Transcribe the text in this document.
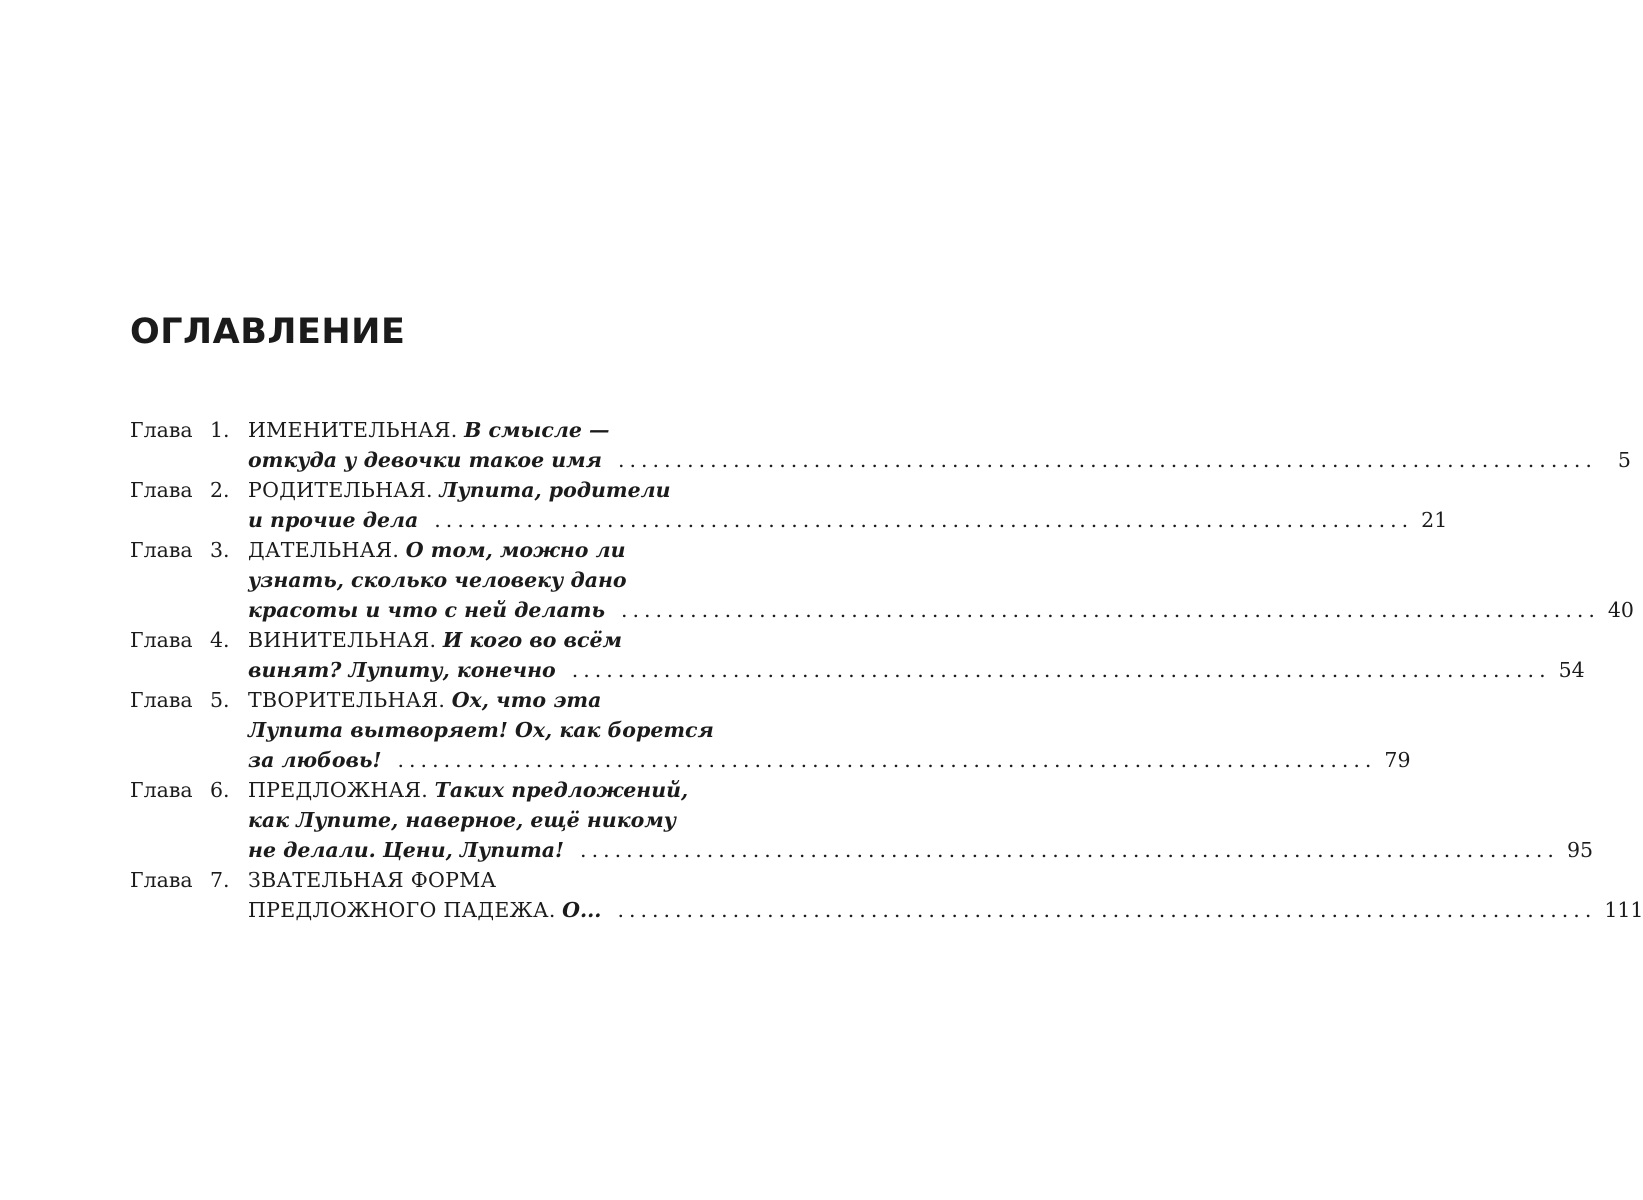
ОГЛАВЛЕНИЕ
Глава 1. ИМЕНИТЕЛЬНАЯ. В смысле —
откуда у девочки такое имя .....................................................................................	5
Глава 2. РОДИТЕЛЬНАЯ. Лупита, родители
и прочие дела ..................................................................................... 21
Глава 3. ДАТЕЛЬНАЯ. О том, можно ли
узнать, сколько человеку дано
красоты и что с ней делать ..................................................................................... 40
Глава 4. ВИНИТЕЛЬНАЯ. И кого во всём
винят? Лупиту, конечно ..................................................................................... 54
Глава 5. ТВОРИТЕЛЬНАЯ. Ох, что эта
Лупита вытворяет! Ох, как борется
за любовь! ..................................................................................... 79
Глава 6. ПРЕДЛОЖНАЯ. Таких предложений,
как Лупите, наверное, ещё никому
не делали. Цени, Лупита! ..................................................................................... 95
Глава 7. ЗВАТЕЛЬНАЯ ФОРМА
ПРЕДЛОЖНОГО ПАДЕЖА. О... ..................................................................................... 111
